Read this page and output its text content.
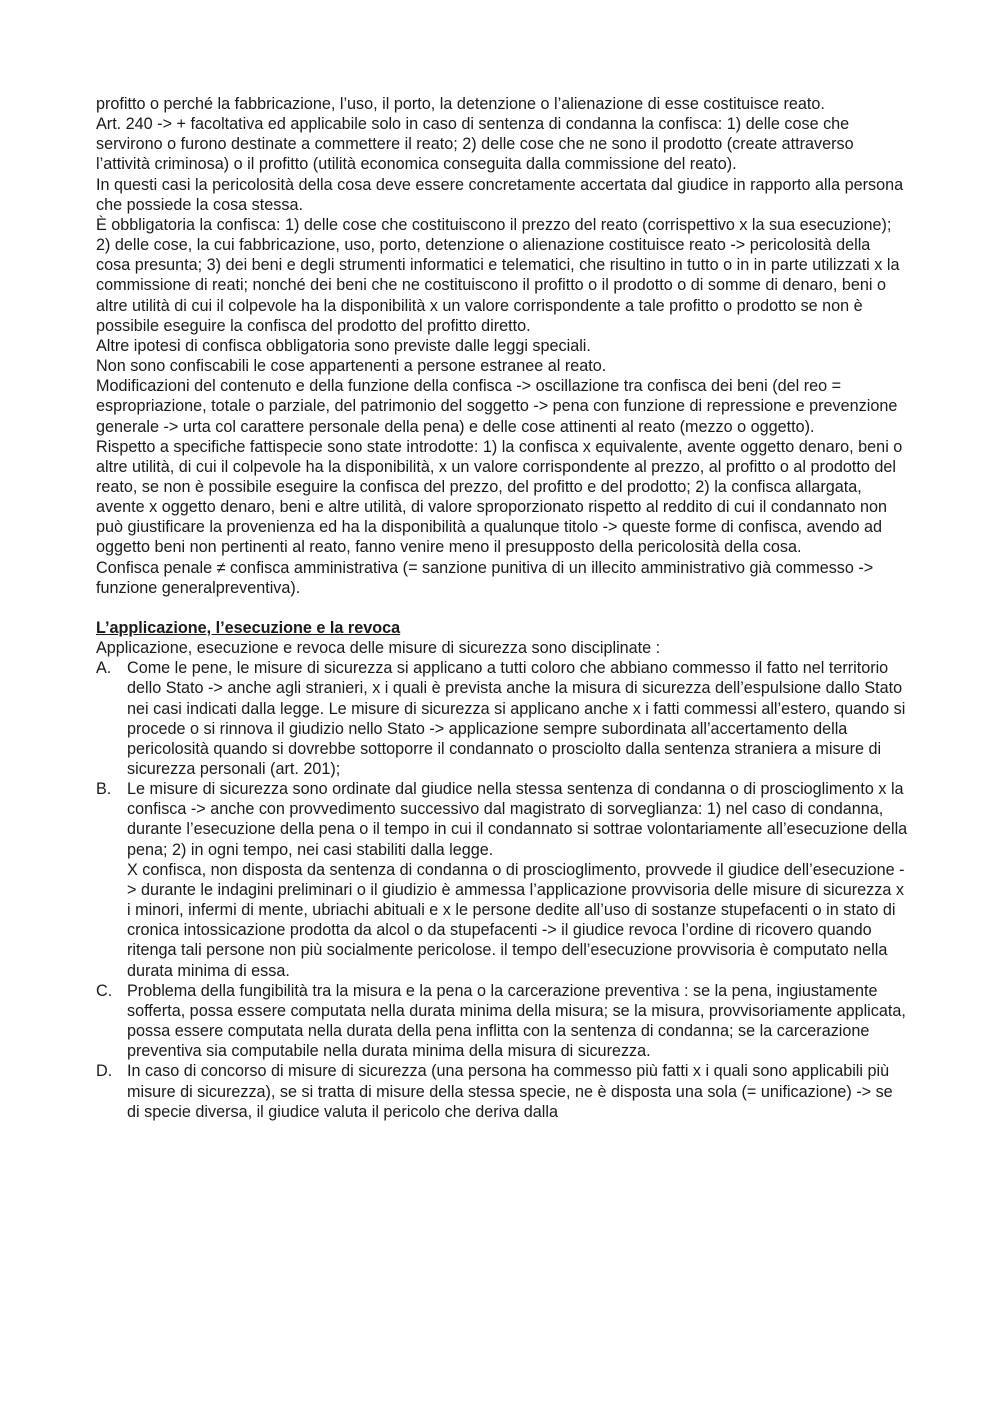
profitto o perché la fabbricazione, l’uso, il porto, la detenzione o l’alienazione di esse costituisce reato.

Art. 240 -> + facoltativa ed applicabile solo in caso di sentenza di condanna la confisca: 1) delle cose che servirono o furono destinate a commettere il reato; 2) delle cose che ne sono il prodotto (create attraverso l’attività criminosa) o il profitto (utilità economica conseguita dalla commissione del reato).

In questi casi la pericolosità della cosa deve essere concretamente accertata dal giudice in rapporto alla persona che possiede la cosa stessa.

È obbligatoria la confisca: 1) delle cose che costituiscono il prezzo del reato (corrispettivo x la sua esecuzione); 2) delle cose, la cui fabbricazione, uso, porto, detenzione o alienazione costituisce reato -> pericolosità della cosa presunta; 3) dei beni e degli strumenti informatici e telematici, che risultino in tutto o in in parte utilizzati x la commissione di reati; nonché dei beni che ne costituiscono il profitto o il prodotto o di somme di denaro, beni o altre utilità di cui il colpevole ha la disponibilità x un valore corrispondente a tale profitto o prodotto se non è possibile eseguire la confisca del prodotto del profitto diretto.

Altre ipotesi di confisca obbligatoria sono previste dalle leggi speciali.

Non sono confiscabili le cose appartenenti a persone estranee al reato.

Modificazioni del contenuto e della funzione della confisca -> oscillazione tra confisca dei beni (del reo = espropriazione, totale o parziale, del patrimonio del soggetto -> pena con funzione di repressione e prevenzione generale -> urta col carattere personale della pena) e delle cose attinenti al reato (mezzo o oggetto).

Rispetto a specifiche fattispecie sono state introdotte: 1) la confisca x equivalente, avente oggetto denaro, beni o altre utilità, di cui il colpevole ha la disponibilità, x un valore corrispondente al prezzo, al profitto o al prodotto del reato, se non è possibile eseguire la confisca del prezzo, del profitto e del prodotto; 2) la confisca allargata, avente x oggetto denaro, beni e altre utilità, di valore sproporzionato rispetto al reddito di cui il condannato non può giustificare la provenienza ed ha la disponibilità a qualunque titolo -> queste forme di confisca, avendo ad oggetto beni non pertinenti al reato, fanno venire meno il presupposto della pericolosità della cosa.

Confisca penale ≠ confisca amministrativa (= sanzione punitiva di un illecito amministrativo già commesso -> funzione generalpreventiva).

L’applicazione, l’esecuzione e la revoca

Applicazione, esecuzione e revoca delle misure di sicurezza sono disciplinate :

A. Come le pene, le misure di sicurezza si applicano a tutti coloro che abbiano commesso il fatto nel territorio dello Stato -> anche agli stranieri, x i quali è prevista anche la misura di sicurezza dell’espulsione dallo Stato nei casi indicati dalla legge. Le misure di sicurezza si applicano anche x i fatti commessi all’estero, quando si procede o si rinnova il giudizio nello Stato -> applicazione sempre subordinata all’accertamento della pericolosità quando si dovrebbe sottoporre il condannato o prosciolto dalla sentenza straniera a misure di sicurezza personali (art. 201);
B. Le misure di sicurezza sono ordinate dal giudice nella stessa sentenza di condanna o di proscioglimento x la confisca -> anche con provvedimento successivo dal magistrato di sorveglianza: 1) nel caso di condanna, durante l’esecuzione della pena o il tempo in cui il condannato si sottrae volontariamente all’esecuzione della pena; 2) in ogni tempo, nei casi stabiliti dalla legge.

X confisca, non disposta da sentenza di condanna o di proscioglimento, provvede il giudice dell’esecuzione -> durante le indagini preliminari o il giudizio è ammessa l’applicazione provvisoria delle misure di sicurezza x i minori, infermi di mente, ubriachi abituali e x le persone dedite all’uso di sostanze stupefacenti o in stato di cronica intossicazione prodotta da alcol o da stupefacenti -> il giudice revoca l’ordine di ricovero quando ritenga tali persone non più socialmente pericolose. il tempo dell’esecuzione provvisoria è computato nella durata minima di essa.

C. Problema della fungibilità tra la misura e la pena o la carcerazione preventiva : se la pena, ingiustamente sofferta, possa essere computata nella durata minima della misura; se la misura, provvisoriamente applicata, possa essere computata nella durata della pena inflitta con la sentenza di condanna; se la carcerazione preventiva sia computabile nella durata minima della misura di sicurezza.
D. In caso di concorso di misure di sicurezza (una persona ha commesso più fatti x i quali sono applicabili più misure di sicurezza), se si tratta di misure della stessa specie, ne è disposta una sola (= unificazione) -> se di specie diversa, il giudice valuta il pericolo che deriva dalla
